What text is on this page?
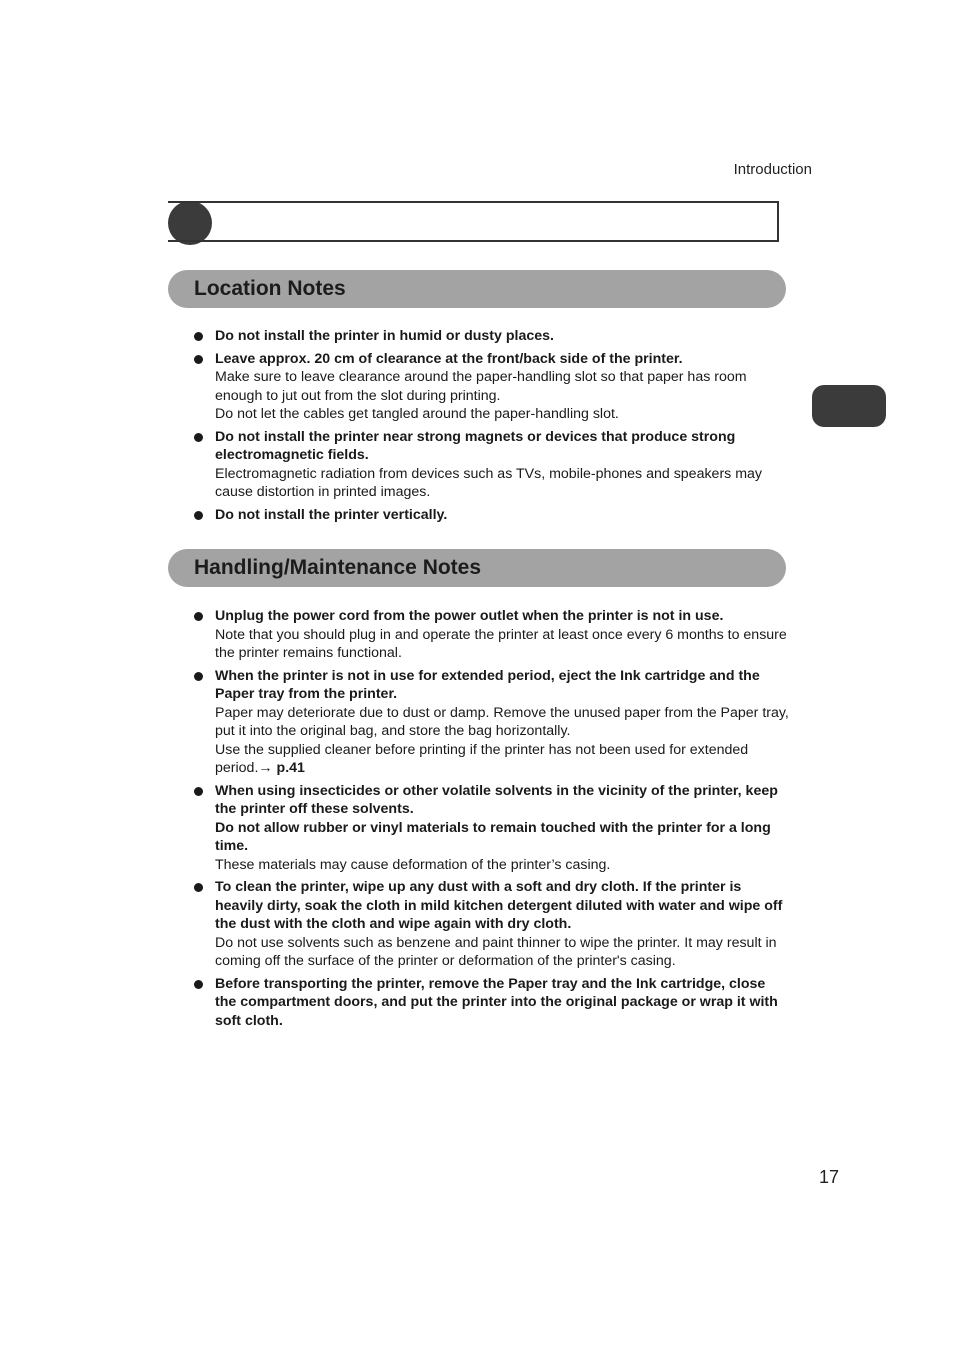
Introduction
Location Notes
Do not install the printer in humid or dusty places.
Leave approx. 20 cm of clearance at the front/back side of the printer.
Make sure to leave clearance around the paper-handling slot so that paper has room enough to jut out from the slot during printing.
Do not let the cables get tangled around the paper-handling slot.
Do not install the printer near strong magnets or devices that produce strong electromagnetic fields.
Electromagnetic radiation from devices such as TVs, mobile-phones and speakers may cause distortion in printed images.
Do not install the printer vertically.
Handling/Maintenance Notes
Unplug the power cord from the power outlet when the printer is not in use.
Note that you should plug in and operate the printer at least once every 6 months to ensure the printer remains functional.
When the printer is not in use for extended period, eject the Ink cartridge and the Paper tray from the printer.
Paper may deteriorate due to dust or damp. Remove the unused paper from the Paper tray, put it into the original bag, and store the bag horizontally.
Use the supplied cleaner before printing if the printer has not been used for extended period.→ p.41
When using insecticides or other volatile solvents in the vicinity of the printer, keep the printer off these solvents.
Do not allow rubber or vinyl materials to remain touched with the printer for a long time.
These materials may cause deformation of the printer’s casing.
To clean the printer, wipe up any dust with a soft and dry cloth. If the printer is heavily dirty, soak the cloth in mild kitchen detergent diluted with water and wipe off the dust with the cloth and wipe again with dry cloth.
Do not use solvents such as benzene and paint thinner to wipe the printer. It may result in coming off the surface of the printer or deformation of the printer's casing.
Before transporting the printer, remove the Paper tray and the Ink cartridge, close the compartment doors, and put the printer into the original package or wrap it with soft cloth.
17
